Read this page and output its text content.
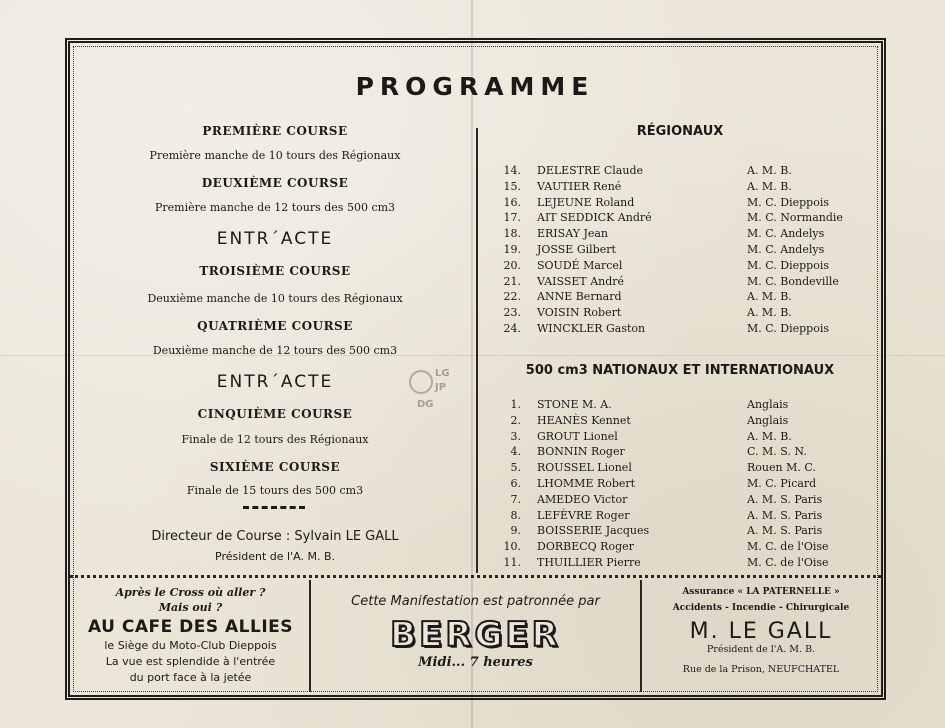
PROGRAMME
PREMIÈRE COURSE
Première manche de 10 tours des Régionaux
DEUXIÈME COURSE
Première manche de 12 tours des 500 cm3
ENTR´ACTE
TROISIÈME COURSE
Deuxième manche de 10 tours des Régionaux
QUATRIÈME COURSE
Deuxième manche de 12 tours des 500 cm3
ENTR´ACTE
CINQUIÈME COURSE
Finale de 12 tours des Régionaux
SIXIÈME COURSE
Finale de 15 tours des 500 cm3
Directeur de Course : Sylvain LE GALL
Président de l'A. M. B.
LG
JP
DG
RÉGIONAUX
14. DELESTRE Claude	A. M. B.
15. VAUTIER René	A. M. B.
16. LEJEUNE Roland	M. C. Dieppois
17. AIT SEDDICK André	M. C. Normandie
18. ERISAY Jean	M. C. Andelys
19. JOSSE Gilbert	M. C. Andelys
20. SOUDÉ Marcel	M. C. Dieppois
21. VAISSET André	M. C. Bondeville
22. ANNE Bernard	A. M. B.
23. VOISIN Robert	A. M. B.
24. WINCKLER Gaston	M. C. Dieppois
500 cm3 NATIONAUX ET INTERNATIONAUX
1. STONE M. A.	Anglais
2. HEANÈS Kennet	Anglais
3. GROUT Lionel	A. M. B.
4. BONNIN Roger	C. M. S. N.
5. ROUSSEL Lionel	Rouen M. C.
6. LHOMME Robert	M. C. Picard
7. AMEDEO Victor	A. M. S. Paris
8. LEFÈVRE Roger	A. M. S. Paris
9. BOISSERIE Jacques	A. M. S. Paris
10. DORBECQ Roger	M. C. de l'Oise
11. THUILLIER Pierre	M. C. de l'Oise
Après le Cross où aller ?
Mais oui ?
AU CAFE DES ALLIES
le Siège du Moto-Club Dieppois
La vue est splendide à l'entrée
du port face à la jetée
Cette Manifestation est patronnée par
BERGER
Midi... 7 heures
Assurance « LA PATERNELLE »
Accidents - Incendie - Chirurgicale
M. LE GALL
Président de l'A. M. B.
Rue de la Prison, NEUFCHATEL
